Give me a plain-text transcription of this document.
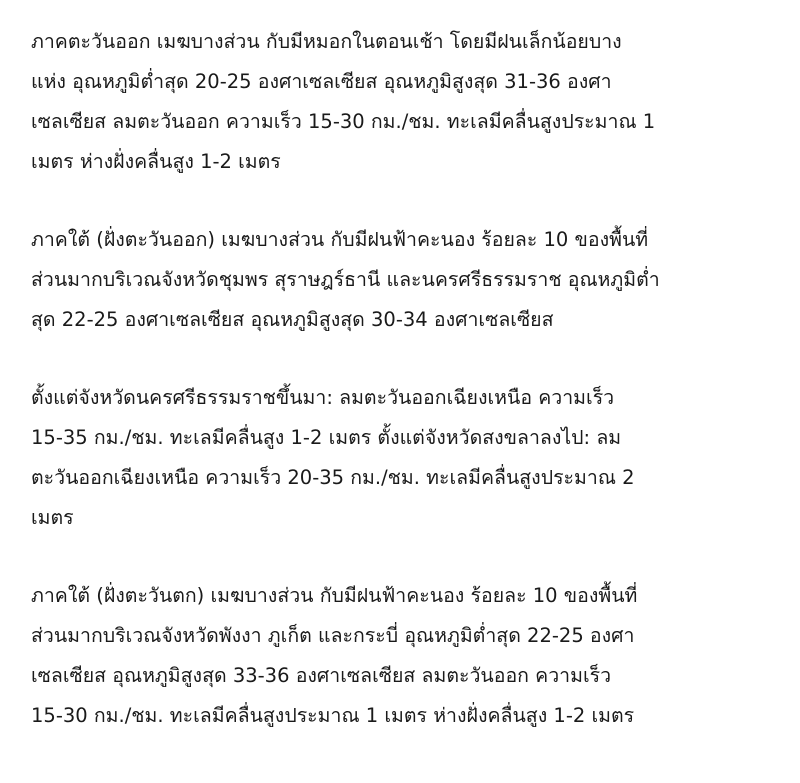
ภาคตะวันออก เมฆบางส่วน กับมีหมอกในตอนเช้า โดยมีฝนเล็กน้อยบาง
แห่ง อุณหภูมิต่ำสุด 20-25 องศาเซลเซียส อุณหภูมิสูงสุด 31-36 องศา
เซลเซียส ลมตะวันออก ความเร็ว 15-30 กม./ชม. ทะเลมีคลื่นสูงประมาณ 1
เมตร ห่างฝั่งคลื่นสูง 1-2 เมตร

ภาคใต้ (ฝั่งตะวันออก) เมฆบางส่วน กับมีฝนฟ้าคะนอง ร้อยละ 10 ของพื้นที่
ส่วนมากบริเวณจังหวัดชุมพร สุราษฎร์ธานี และนครศรีธรรมราช อุณหภูมิต่ำ
สุด 22-25 องศาเซลเซียส อุณหภูมิสูงสุด 30-34 องศาเซลเซียส

ตั้งแต่จังหวัดนครศรีธรรมราชขึ้นมา: ลมตะวันออกเฉียงเหนือ ความเร็ว
15-35 กม./ชม. ทะเลมีคลื่นสูง 1-2 เมตร ตั้งแต่จังหวัดสงขลาลงไป: ลม
ตะวันออกเฉียงเหนือ ความเร็ว 20-35 กม./ชม. ทะเลมีคลื่นสูงประมาณ 2
เมตร

ภาคใต้ (ฝั่งตะวันตก) เมฆบางส่วน กับมีฝนฟ้าคะนอง ร้อยละ 10 ของพื้นที่
ส่วนมากบริเวณจังหวัดพังงา ภูเก็ต และกระบี่ อุณหภูมิต่ำสุด 22-25 องศา
เซลเซียส อุณหภูมิสูงสุด 33-36 องศาเซลเซียส ลมตะวันออก ความเร็ว
15-30 กม./ชม. ทะเลมีคลื่นสูงประมาณ 1 เมตร ห่างฝั่งคลื่นสูง 1-2 เมตร
